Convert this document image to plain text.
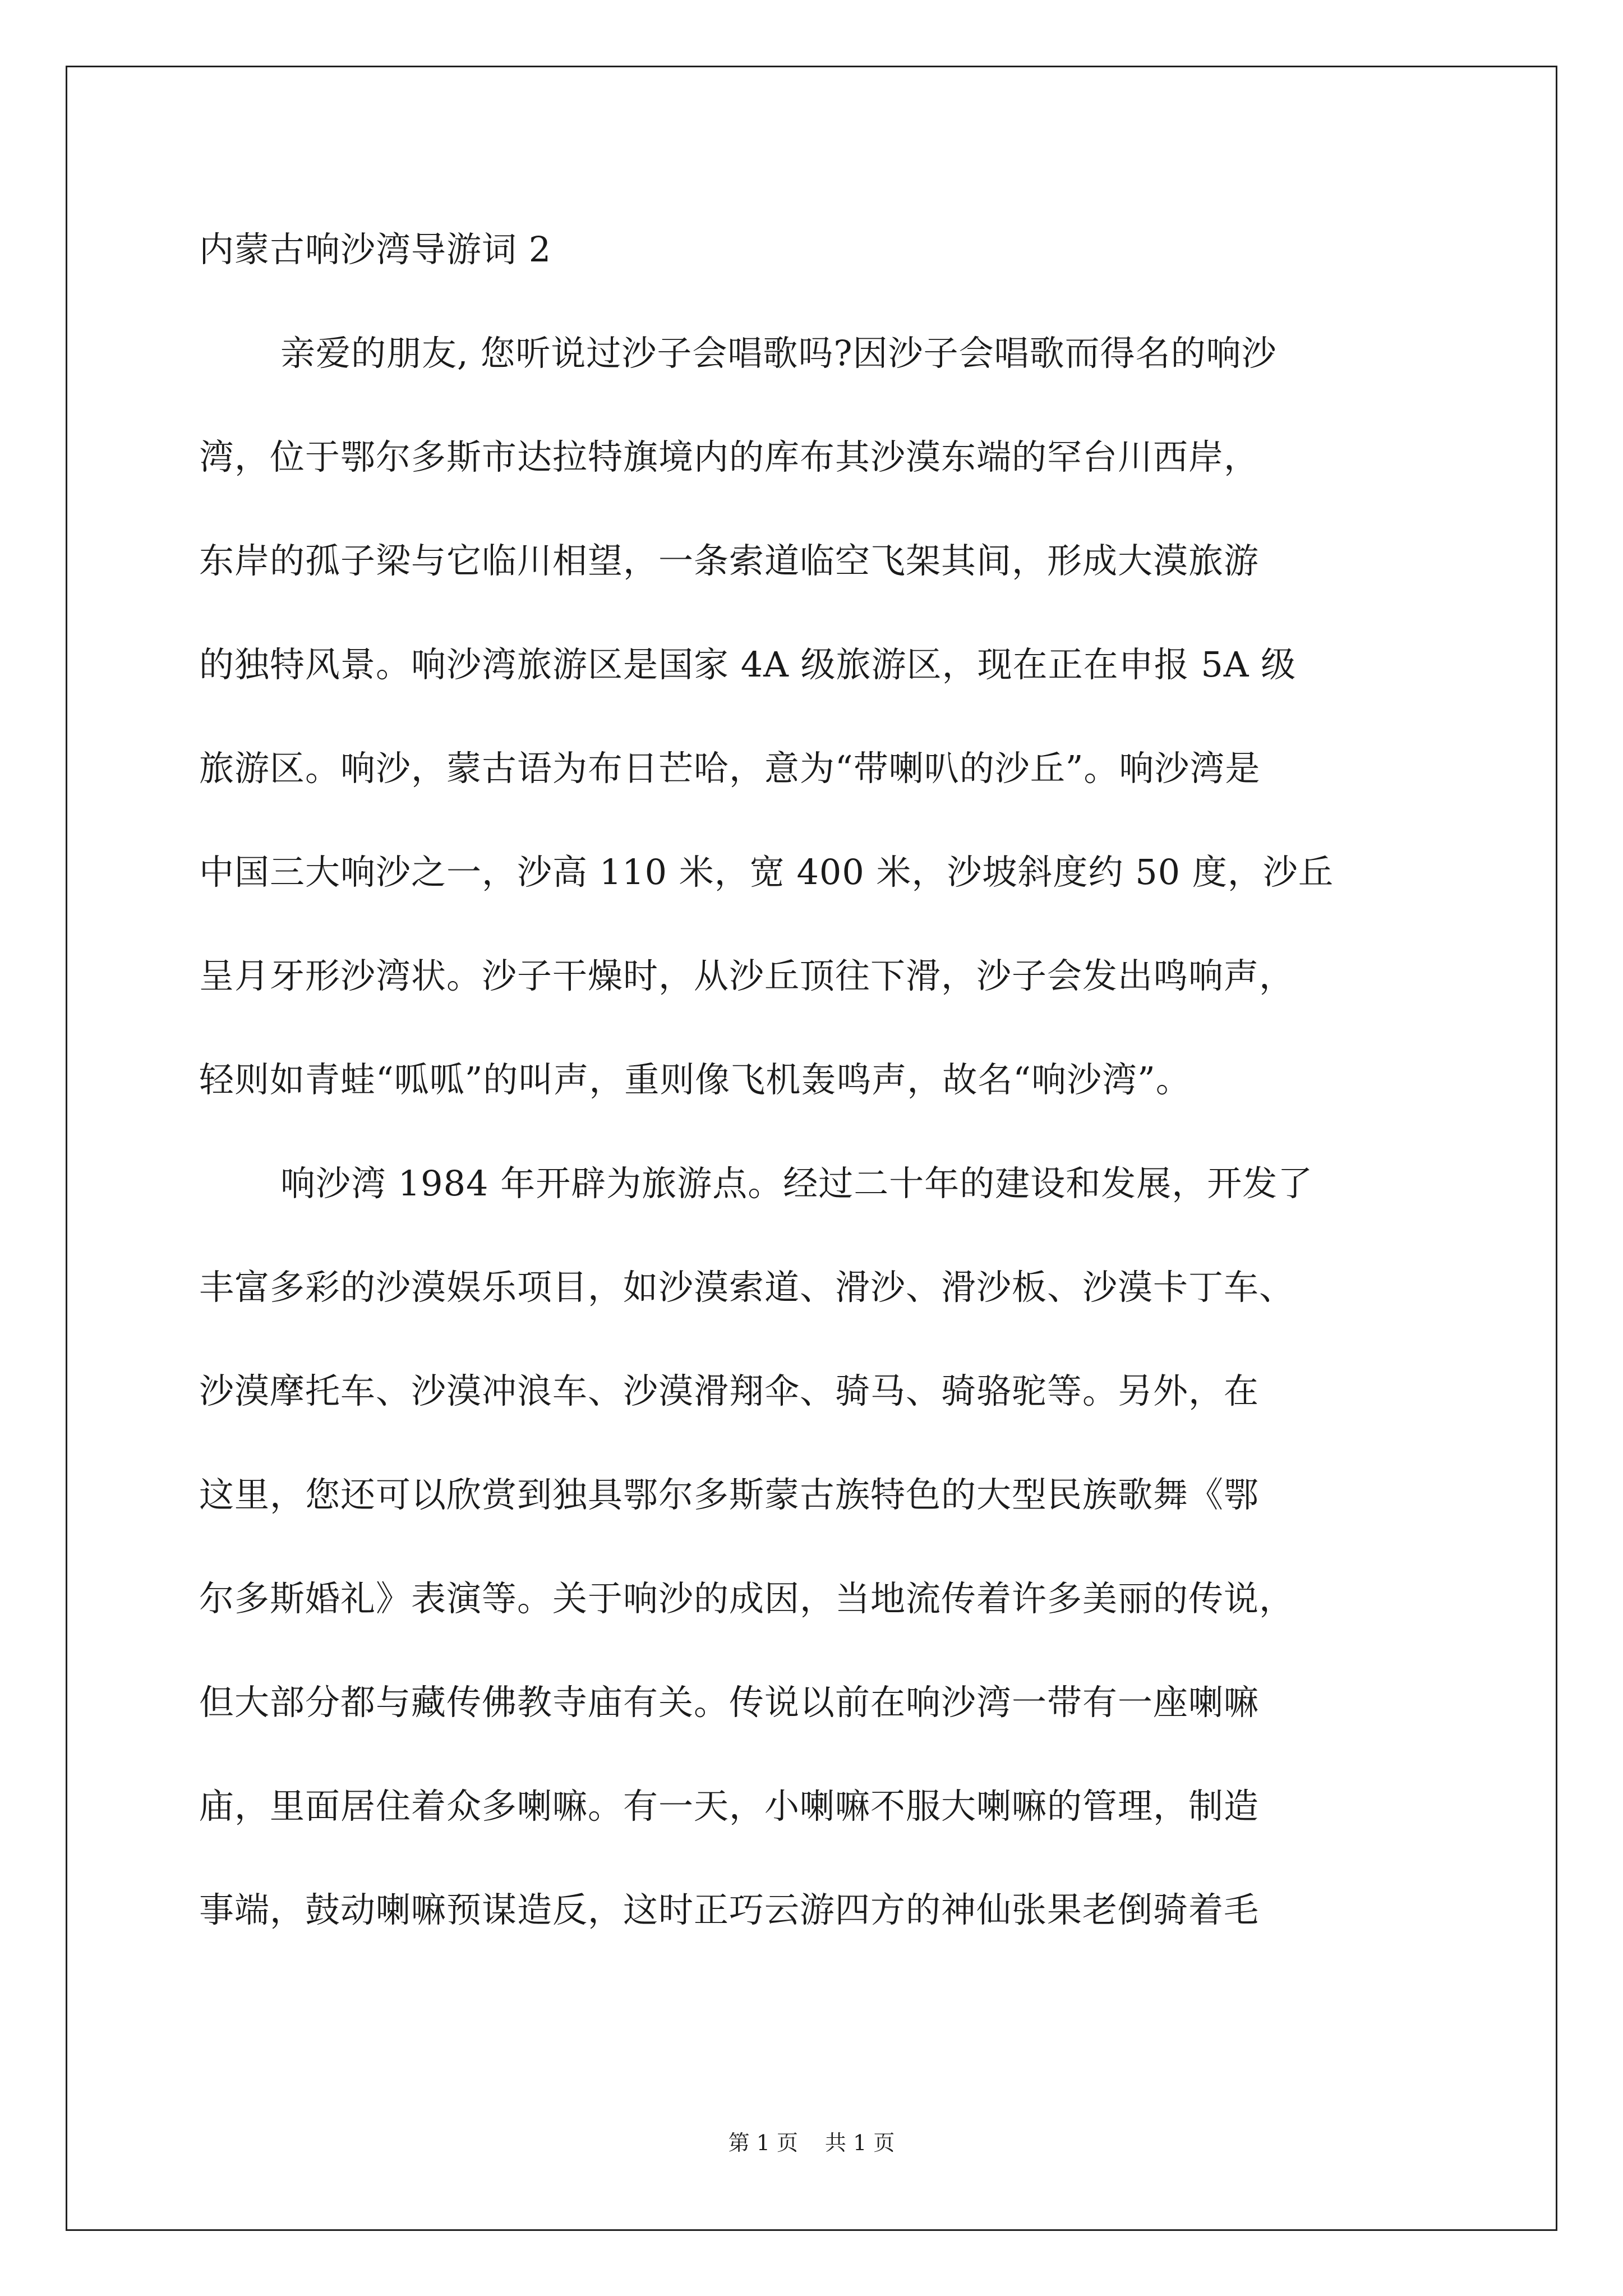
内蒙古响沙湾导游词 2
亲爱的朋友, 您听说过沙子会唱歌吗?因沙子会唱歌而得名的响沙
湾，位于鄂尔多斯市达拉特旗境内的库布其沙漠东端的罕台川西岸，
东岸的孤子梁与它临川相望，一条索道临空飞架其间，形成大漠旅游
的独特风景。响沙湾旅游区是国家 4A 级旅游区，现在正在申报 5A 级
旅游区。响沙，蒙古语为布日芒哈，意为“带喇叭的沙丘”。响沙湾是
中国三大响沙之一，沙高 110 米，宽 400 米，沙坡斜度约 50 度，沙丘
呈月牙形沙湾状。沙子干燥时，从沙丘顶往下滑，沙子会发出鸣响声，
轻则如青蛙“呱呱”的叫声，重则像飞机轰鸣声，故名“响沙湾”。
响沙湾 1984 年开辟为旅游点。经过二十年的建设和发展，开发了
丰富多彩的沙漠娱乐项目，如沙漠索道、滑沙、滑沙板、沙漠卡丁车、
沙漠摩托车、沙漠冲浪车、沙漠滑翔伞、骑马、骑骆驼等。另外，在
这里，您还可以欣赏到独具鄂尔多斯蒙古族特色的大型民族歌舞《鄂
尔多斯婚礼》表演等。关于响沙的成因，当地流传着许多美丽的传说，
但大部分都与藏传佛教寺庙有关。传说以前在响沙湾一带有一座喇嘛
庙，里面居住着众多喇嘛。有一天，小喇嘛不服大喇嘛的管理，制造
事端，鼓动喇嘛预谋造反，这时正巧云游四方的神仙张果老倒骑着毛
第 1 页 共 1 页
